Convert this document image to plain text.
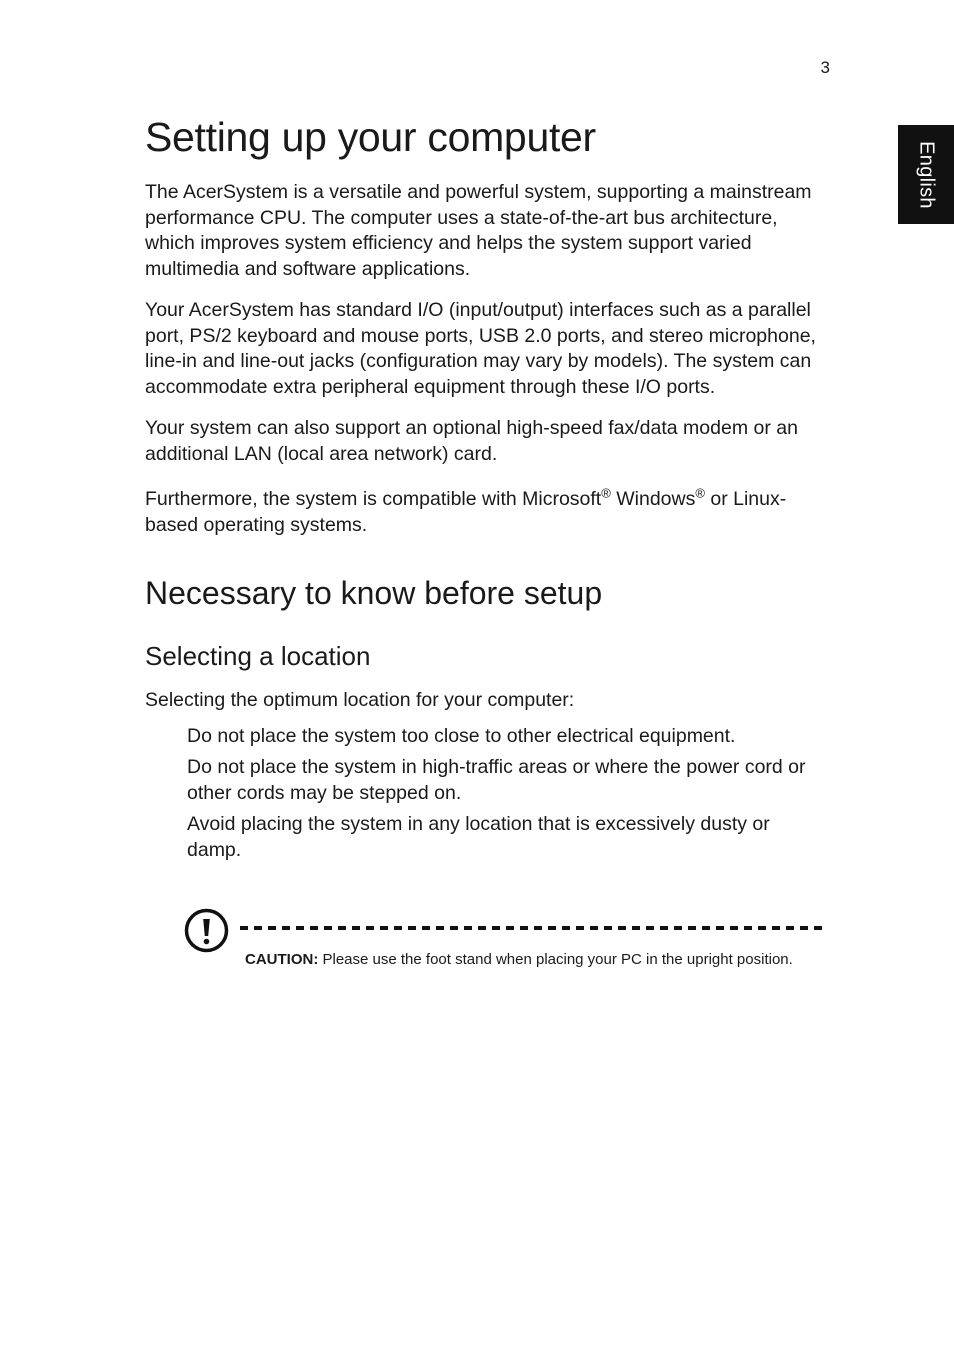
3
English
Setting up your computer

The AcerSystem is a versatile and powerful system, supporting a mainstream performance CPU. The computer uses a state-of-the-art bus architecture, which improves system efficiency and helps the system support varied multimedia and software applications.

Your AcerSystem has standard I/O (input/output) interfaces such as a parallel port, PS/2 keyboard and mouse ports, USB 2.0 ports, and stereo microphone, line-in and line-out jacks (configuration may vary by models). The system can accommodate extra peripheral equipment through these I/O ports.

Your system can also support an optional high-speed fax/data modem or an additional LAN (local area network) card.

Furthermore, the system is compatible with Microsoft® Windows® or Linux-based operating systems.

Necessary to know before setup
Selecting a location

Selecting the optimum location for your computer:

Do not place the system too close to other electrical equipment.

Do not place the system in high-traffic areas or where the power cord or other cords may be stepped on.

Avoid placing the system in any location that is excessively dusty or damp.

CAUTION: Please use the foot stand when placing your PC in the upright position.
